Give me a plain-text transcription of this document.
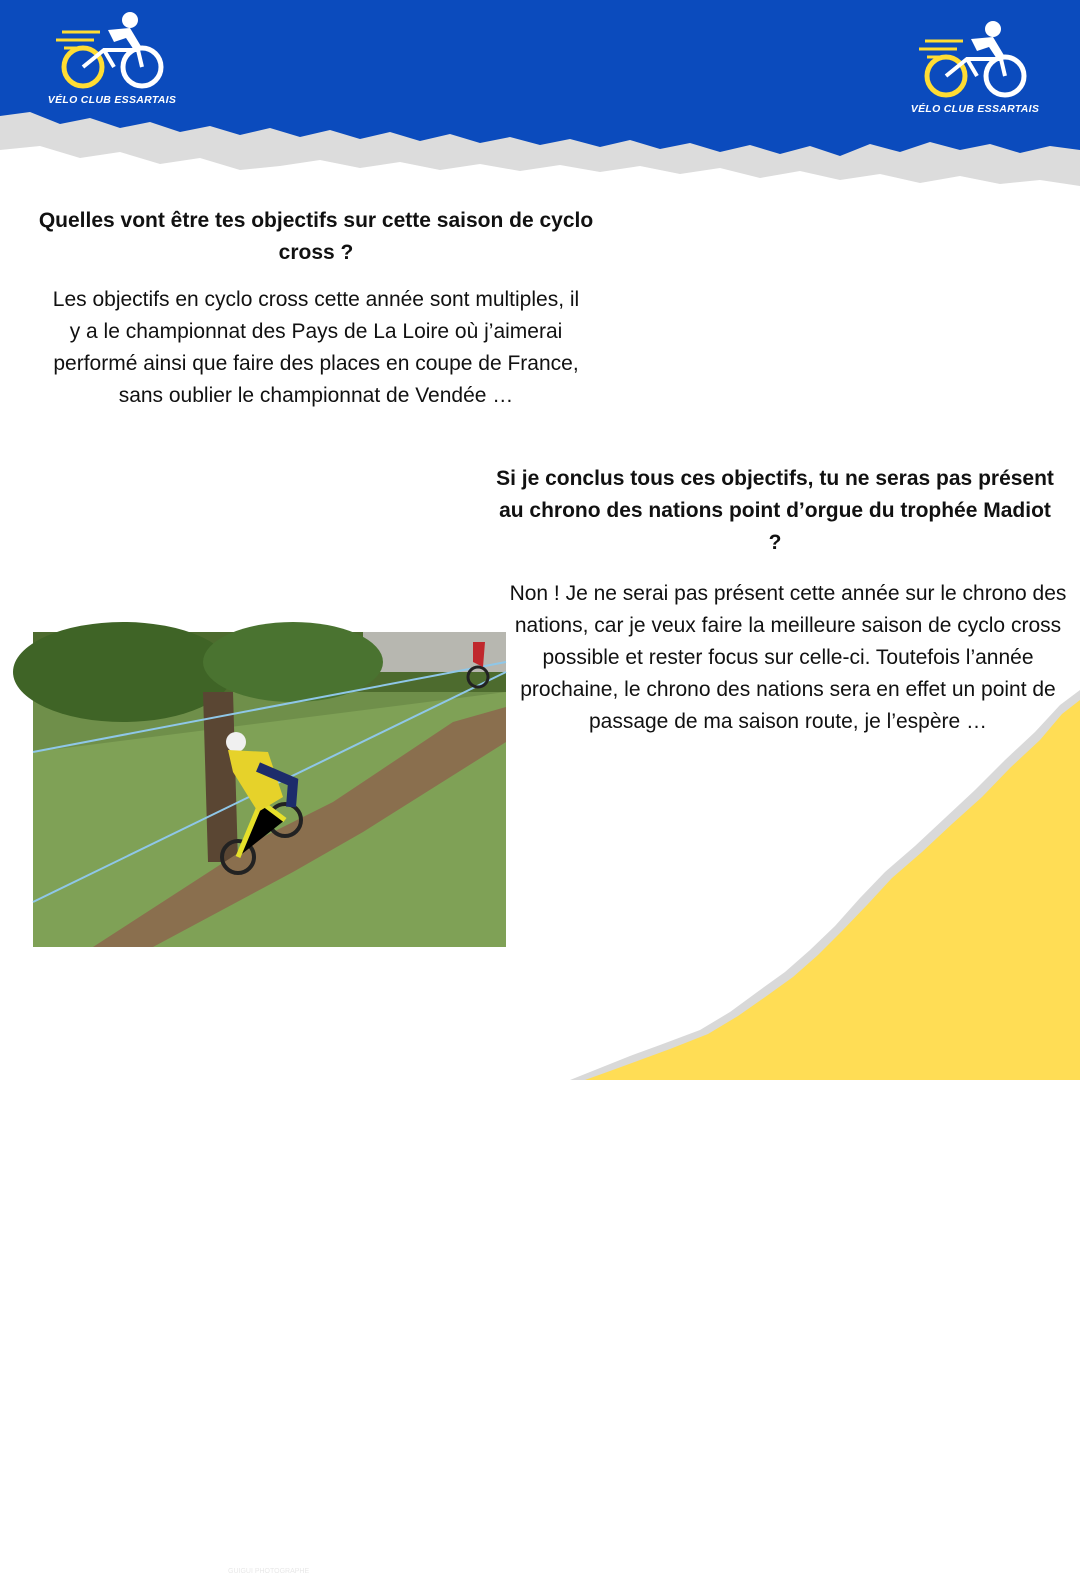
VÉLO CLUB ESSARTAIS
VÉLO CLUB ESSARTAIS

Quelles vont être tes objectifs sur cette saison de cyclo cross ?

Les objectifs en cyclo cross cette année sont multiples, il y a le championnat des Pays de La Loire où j’aimerai performé ainsi que faire des places en coupe de France, sans oublier le championnat de Vendée …

Si je conclus tous ces objectifs, tu ne seras pas présent au chrono des nations point d’orgue du trophée Madiot ?

Non ! Je ne serai pas présent cette année sur le chrono des nations, car je veux faire la meilleure saison de cyclo cross possible et rester focus sur celle-ci. Toutefois l’année prochaine, le chrono des nations sera en effet un point de passage de ma saison route, je l’espère …

GUIGUI PHOTOGRAPHE
